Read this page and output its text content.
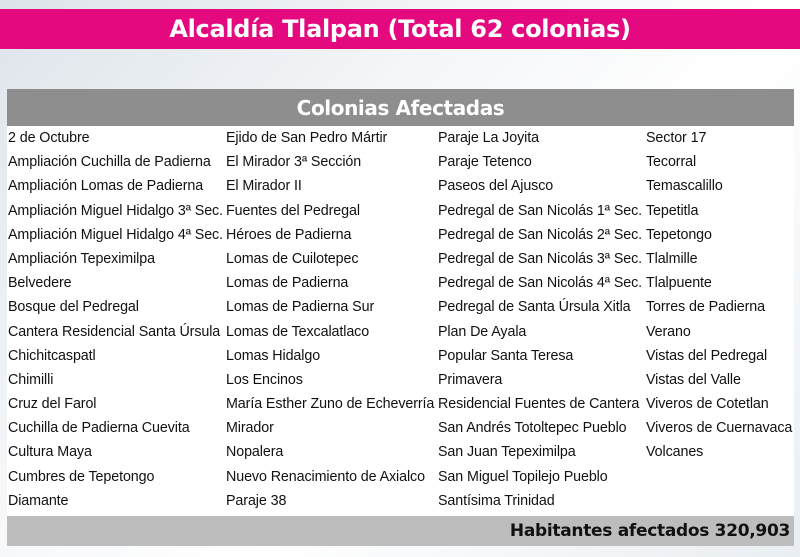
Alcaldía Tlalpan (Total 62 colonias)
Colonias Afectadas
2 de Octubre
Ampliación Cuchilla de Padierna
Ampliación Lomas de Padierna
Ampliación Miguel Hidalgo 3ª Sec.
Ampliación Miguel Hidalgo 4ª Sec.
Ampliación Tepeximilpa
Belvedere
Bosque del Pedregal
Cantera Residencial Santa Úrsula
Chichitcaspatl
Chimilli
Cruz del Farol
Cuchilla de Padierna Cuevita
Cultura Maya
Cumbres de Tepetongo
Diamante
Ejido de San Pedro Mártir
El Mirador 3ª Sección
El Mirador II
Fuentes del Pedregal
Héroes de Padierna
Lomas de Cuilotepec
Lomas de Padierna
Lomas de Padierna Sur
Lomas de Texcalatlaco
Lomas Hidalgo
Los Encinos
María Esther Zuno de Echeverría
Mirador
Nopalera
Nuevo Renacimiento de Axialco
Paraje 38
Paraje La Joyita
Paraje Tetenco
Paseos del Ajusco
Pedregal de San Nicolás 1ª Sec.
Pedregal de San Nicolás 2ª Sec.
Pedregal de San Nicolás 3ª Sec.
Pedregal de San Nicolás 4ª Sec.
Pedregal de Santa Úrsula Xitla
Plan De Ayala
Popular Santa Teresa
Primavera
Residencial Fuentes de Cantera
San Andrés Totoltepec Pueblo
San Juan Tepeximilpa
San Miguel Topilejo Pueblo
Santísima Trinidad
Sector 17
Tecorral
Temascalillo
Tepetitla
Tepetongo
Tlalmille
Tlalpuente
Torres de Padierna
Verano
Vistas del Pedregal
Vistas del Valle
Viveros de Cotetlan
Viveros de Cuernavaca
Volcanes
Habitantes afectados 320,903
